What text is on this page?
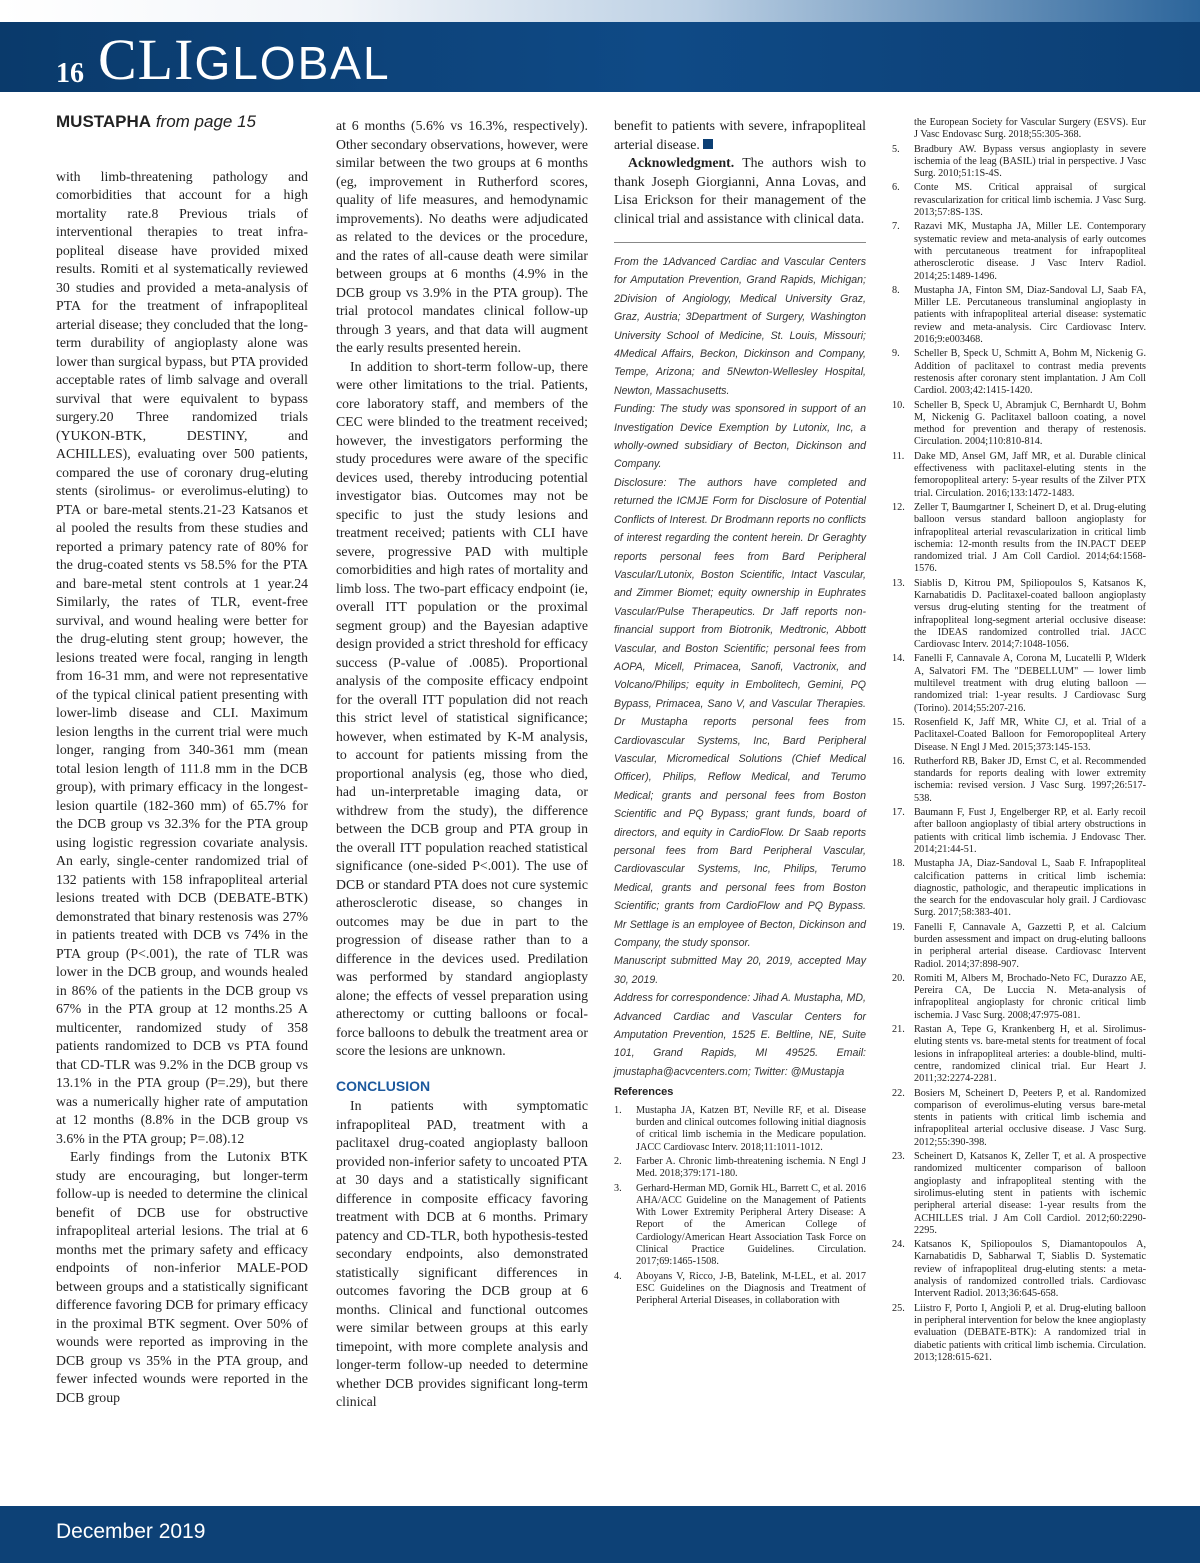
16 CLIGLOBAL
MUSTAPHA from page 15

with limb-threatening pathology and comorbidities that account for a high mortality rate.8 Previous trials of interventional therapies to treat infra- popliteal disease have provided mixed results. Romiti et al systematically reviewed 30 studies and provided a meta-analysis of PTA for the treatment of infrapopliteal arterial disease; they concluded that the long-term durability of angioplasty alone was lower than surgical bypass, but PTA provided acceptable rates of limb salvage and overall survival that were equivalent to bypass surgery.20 Three randomized trials (YUKON-BTK, DESTINY, and ACHILLES), evaluating over 500 patients, compared the use of coronary drug-eluting stents (sirolimus- or everolimus-eluting) to PTA or bare-metal stents.21-23 Katsanos et al pooled the results from these studies and reported a primary patency rate of 80% for the drug-coated stents vs 58.5% for the PTA and bare-metal stent controls at 1 year.24 Similarly, the rates of TLR, event-free survival, and wound healing were better for the drug-eluting stent group; however, the lesions treated were focal, ranging in length from 16-31 mm, and were not representative of the typical clinical patient presenting with lower-limb disease and CLI. Maximum lesion lengths in the current trial were much longer, ranging from 340-361 mm (mean total lesion length of 111.8 mm in the DCB group), with primary efficacy in the longest-lesion quartile (182-360 mm) of 65.7% for the DCB group vs 32.3% for the PTA group using logistic regression covariate analysis. An early, single-center randomized trial of 132 patients with 158 infrapopliteal arterial lesions treated with DCB (DEBATE-BTK) demonstrated that binary restenosis was 27% in patients treated with DCB vs 74% in the PTA group (P<.001), the rate of TLR was lower in the DCB group, and wounds healed in 86% of the patients in the DCB group vs 67% in the PTA group at 12 months.25 A multicenter, randomized study of 358 patients randomized to DCB vs PTA found that CD-TLR was 9.2% in the DCB group vs 13.1% in the PTA group (P=.29), but there was a numerically higher rate of amputation at 12 months (8.8% in the DCB group vs 3.6% in the PTA group; P=.08).12

Early findings from the Lutonix BTK study are encouraging, but longer-term follow-up is needed to determine the clinical benefit of DCB use for obstructive infrapopliteal arterial lesions. The trial at 6 months met the primary safety and efficacy endpoints of non-inferior MALE-POD between groups and a statistically significant difference favoring DCB for primary efficacy in the proximal BTK segment. Over 50% of wounds were reported as improving in the DCB group vs 35% in the PTA group, and fewer infected wounds were reported in the DCB group

at 6 months (5.6% vs 16.3%, respectively). Other secondary observations, however, were similar between the two groups at 6 months (eg, improvement in Rutherford scores, quality of life measures, and hemodynamic improvements). No deaths were adjudicated as related to the devices or the procedure, and the rates of all-cause death were similar between groups at 6 months (4.9% in the DCB group vs 3.9% in the PTA group). The trial protocol mandates clinical follow-up through 3 years, and that data will augment the early results presented herein.

In addition to short-term follow-up, there were other limitations to the trial. Patients, core laboratory staff, and members of the CEC were blinded to the treatment received; however, the investigators performing the study procedures were aware of the specific devices used, thereby introducing potential investigator bias. Outcomes may not be specific to just the study lesions and treatment received; patients with CLI have severe, progressive PAD with multiple comorbidities and high rates of mortality and limb loss. The two-part efficacy endpoint (ie, overall ITT population or the proximal segment group) and the Bayesian adaptive design provided a strict threshold for efficacy success (P-value of .0085). Proportional analysis of the composite efficacy endpoint for the overall ITT population did not reach this strict level of statistical significance; however, when estimated by K-M analysis, to account for patients missing from the proportional analysis (eg, those who died, had un-interpretable imaging data, or withdrew from the study), the difference between the DCB group and PTA group in the overall ITT population reached statistical significance (one-sided P<.001). The use of DCB or standard PTA does not cure systemic atherosclerotic disease, so changes in outcomes may be due in part to the progression of disease rather than to a difference in the devices used. Predilation was performed by standard angioplasty alone; the effects of vessel preparation using atherectomy or cutting balloons or focal-force balloons to debulk the treatment area or score the lesions are unknown.

CONCLUSION

In patients with symptomatic infrapopliteal PAD, treatment with a paclitaxel drug-coated angioplasty balloon provided non-inferior safety to uncoated PTA at 30 days and a statistically significant difference in composite efficacy favoring treatment with DCB at 6 months. Primary patency and CD-TLR, both hypothesis-tested secondary endpoints, also demonstrated statistically significant differences in outcomes favoring the DCB group at 6 months. Clinical and functional outcomes were similar between groups at this early timepoint, with more complete analysis and longer-term follow-up needed to determine whether DCB provides significant long-term clinical

benefit to patients with severe, infrapopliteal arterial disease.

Acknowledgment. The authors wish to thank Joseph Giorgianni, Anna Lovas, and Lisa Erickson for their management of the clinical trial and assistance with clinical data.

From the 1Advanced Cardiac and Vascular Centers for Amputation Prevention, Grand Rapids, Michigan; 2Division of Angiology, Medical University Graz, Graz, Austria; 3Department of Surgery, Washington University School of Medicine, St. Louis, Missouri; 4Medical Affairs, Beckon, Dickinson and Company, Tempe, Arizona; and 5Newton-Wellesley Hospital, Newton, Massachusetts.

Funding: The study was sponsored in support of an Investigation Device Exemption by Lutonix, Inc, a wholly-owned subsidiary of Becton, Dickinson and Company.

Disclosure: The authors have completed and returned the ICMJE Form for Disclosure of Potential Conflicts of Interest. Dr Brodmann reports no conflicts of interest regarding the content herein. Dr Geraghty reports personal fees from Bard Peripheral Vascular/Lutonix, Boston Scientific, Intact Vascular, and Zimmer Biomet; equity ownership in Euphrates Vascular/Pulse Therapeutics. Dr Jaff reports non-financial support from Biotronik, Medtronic, Abbott Vascular, and Boston Scientific; personal fees from AOPA, Micell, Primacea, Sanofi, Vactronix, and Volcano/Philips; equity in Embolitech, Gemini, PQ Bypass, Primacea, Sano V, and Vascular Therapies. Dr Mustapha reports personal fees from Cardiovascular Systems, Inc, Bard Peripheral Vascular, Micromedical Solutions (Chief Medical Officer), Philips, Reflow Medical, and Terumo Medical; grants and personal fees from Boston Scientific and PQ Bypass; grant funds, board of directors, and equity in CardioFlow. Dr Saab reports personal fees from Bard Peripheral Vascular, Cardiovascular Systems, Inc, Philips, Terumo Medical, grants and personal fees from Boston Scientific; grants from CardioFlow and PQ Bypass. Mr Settlage is an employee of Becton, Dickinson and Company, the study sponsor.

Manuscript submitted May 20, 2019, accepted May 30, 2019.

Address for correspondence: Jihad A. Mustapha, MD, Advanced Cardiac and Vascular Centers for Amputation Prevention, 1525 E. Beltline, NE, Suite 101, Grand Rapids, MI 49525. Email: jmustapha@acvcenters.com; Twitter: @Mustapja

References
1.	Mustapha JA, Katzen BT, Neville RF, et al. Disease burden and clinical outcomes following initial diagnosis of critical limb ischemia in the Medicare population. JACC Cardiovasc Interv. 2018;11:1011-1012.
2.	Farber A. Chronic limb-threatening ischemia. N Engl J Med. 2018;379:171-180.
3.	Gerhard-Herman MD, Gornik HL, Barrett C, et al. 2016 AHA/ACC Guideline on the Management of Patients With Lower Extremity Peripheral Artery Disease: A Report of the American College of Cardiology/American Heart Association Task Force on Clinical Practice Guidelines. Circulation. 2017;69:1465-1508.
4.	Aboyans V, Ricco, J-B, Batelink, M-LEL, et al. 2017 ESC Guidelines on the Diagnosis and Treatment of Peripheral Arterial Diseases, in collaboration with
the European Society for Vascular Surgery (ESVS). Eur J Vasc Endovasc Surg. 2018;55:305-368.
5.	Bradbury AW. Bypass versus angioplasty in severe ischemia of the leag (BASIL) trial in perspective. J Vasc Surg. 2010;51:1S-4S.
6.	Conte MS. Critical appraisal of surgical revascularization for critical limb ischemia. J Vasc Surg. 2013;57:8S-13S.
7.	Razavi MK, Mustapha JA, Miller LE. Contemporary systematic review and meta-analysis of early outcomes with percutaneous treatment for infrapopliteal atherosclerotic disease. J Vasc Interv Radiol. 2014;25:1489-1496.
8.	Mustapha JA, Finton SM, Diaz-Sandoval LJ, Saab FA, Miller LE. Percutaneous transluminal angioplasty in patients with infrapopliteal arterial disease: systematic review and meta-analysis. Circ Cardiovasc Interv. 2016;9:e003468.
9.	Scheller B, Speck U, Schmitt A, Bohm M, Nickenig G. Addition of paclitaxel to contrast media prevents restenosis after coronary stent implantation. J Am Coll Cardiol. 2003;42:1415-1420.
10. Scheller B, Speck U, Abramjuk C, Bernhardt U, Bohm M, Nickenig G. Paclitaxel balloon coating, a novel method for prevention and therapy of restenosis. Circulation. 2004;110:810-814.
11. Dake MD, Ansel GM, Jaff MR, et al. Durable clinical effectiveness with paclitaxel-eluting stents in the femoropopliteal artery: 5-year results of the Zilver PTX trial. Circulation. 2016;133:1472-1483.
12. Zeller T, Baumgartner I, Scheinert D, et al. Drug-eluting balloon versus standard balloon angioplasty for infrapopliteal arterial revascularization in critical limb ischemia: 12-month results from the IN.PACT DEEP randomized trial. J Am Coll Cardiol. 2014;64:1568-1576.
13. Siablis D, Kitrou PM, Spiliopoulos S, Katsanos K, Karnabatidis D. Paclitaxel-coated balloon angioplasty versus drug-eluting stenting for the treatment of infrapopliteal long-segment arterial occlusive disease: the IDEAS randomized controlled trial. JACC Cardiovasc Interv. 2014;7:1048-1056.
14. Fanelli F, Cannavale A, Corona M, Lucatelli P, Wlderk A, Salvatori FM. The "DEBELLUM" — lower limb multilevel treatment with drug eluting balloon — randomized trial: 1-year results. J Cardiovasc Surg (Torino). 2014;55:207-216.
15. Rosenfield K, Jaff MR, White CJ, et al. Trial of a Paclitaxel-Coated Balloon for Femoropopliteal Artery Disease. N Engl J Med. 2015;373:145-153.
16. Rutherford RB, Baker JD, Ernst C, et al. Recommended standards for reports dealing with lower extremity ischemia: revised version. J Vasc Surg. 1997;26:517-538.
17. Baumann F, Fust J, Engelberger RP, et al. Early recoil after balloon angioplasty of tibial artery obstructions in patients with critical limb ischemia. J Endovasc Ther. 2014;21:44-51.
18. Mustapha JA, Diaz-Sandoval L, Saab F. Infrapopliteal calcification patterns in critical limb ischemia: diagnostic, pathologic, and therapeutic implications in the search for the endovascular holy grail. J Cardiovasc Surg. 2017;58:383-401.
19. Fanelli F, Cannavale A, Gazzetti P, et al. Calcium burden assessment and impact on drug-eluting balloons in peripheral arterial disease. Cardiovasc Intervent Radiol. 2014;37:898-907.
20. Romiti M, Albers M, Brochado-Neto FC, Durazzo AE, Pereira CA, De Luccia N. Meta-analysis of infrapopliteal angioplasty for chronic critical limb ischemia. J Vasc Surg. 2008;47:975-081.
21. Rastan A, Tepe G, Krankenberg H, et al. Sirolimus-eluting stents vs. bare-metal stents for treatment of focal lesions in infrapopliteal arteries: a double-blind, multi-centre, randomized clinical trial. Eur Heart J. 2011;32:2274-2281.
22. Bosiers M, Scheinert D, Peeters P, et al. Randomized comparison of everolimus-eluting versus bare-metal stents in patients with critical limb ischemia and infrapopliteal arterial occlusive disease. J Vasc Surg. 2012;55:390-398.
23. Scheinert D, Katsanos K, Zeller T, et al. A prospective randomized multicenter comparison of balloon angioplasty and infrapopliteal stenting with the sirolimus-eluting stent in patients with ischemic peripheral arterial disease: 1-year results from the ACHILLES trial. J Am Coll Cardiol. 2012;60:2290-2295.
24. Katsanos K, Spiliopoulos S, Diamantopoulos A, Karnabatidis D, Sabharwal T, Siablis D. Systematic review of infrapopliteal drug-eluting stents: a meta-analysis of randomized controlled trials. Cardiovasc Intervent Radiol. 2013;36:645-658.
25. Liistro F, Porto I, Angioli P, et al. Drug-eluting balloon in peripheral intervention for below the knee angioplasty evaluation (DEBATE-BTK): A randomized trial in diabetic patients with critical limb ischemia. Circulation. 2013;128:615-621.
December 2019
